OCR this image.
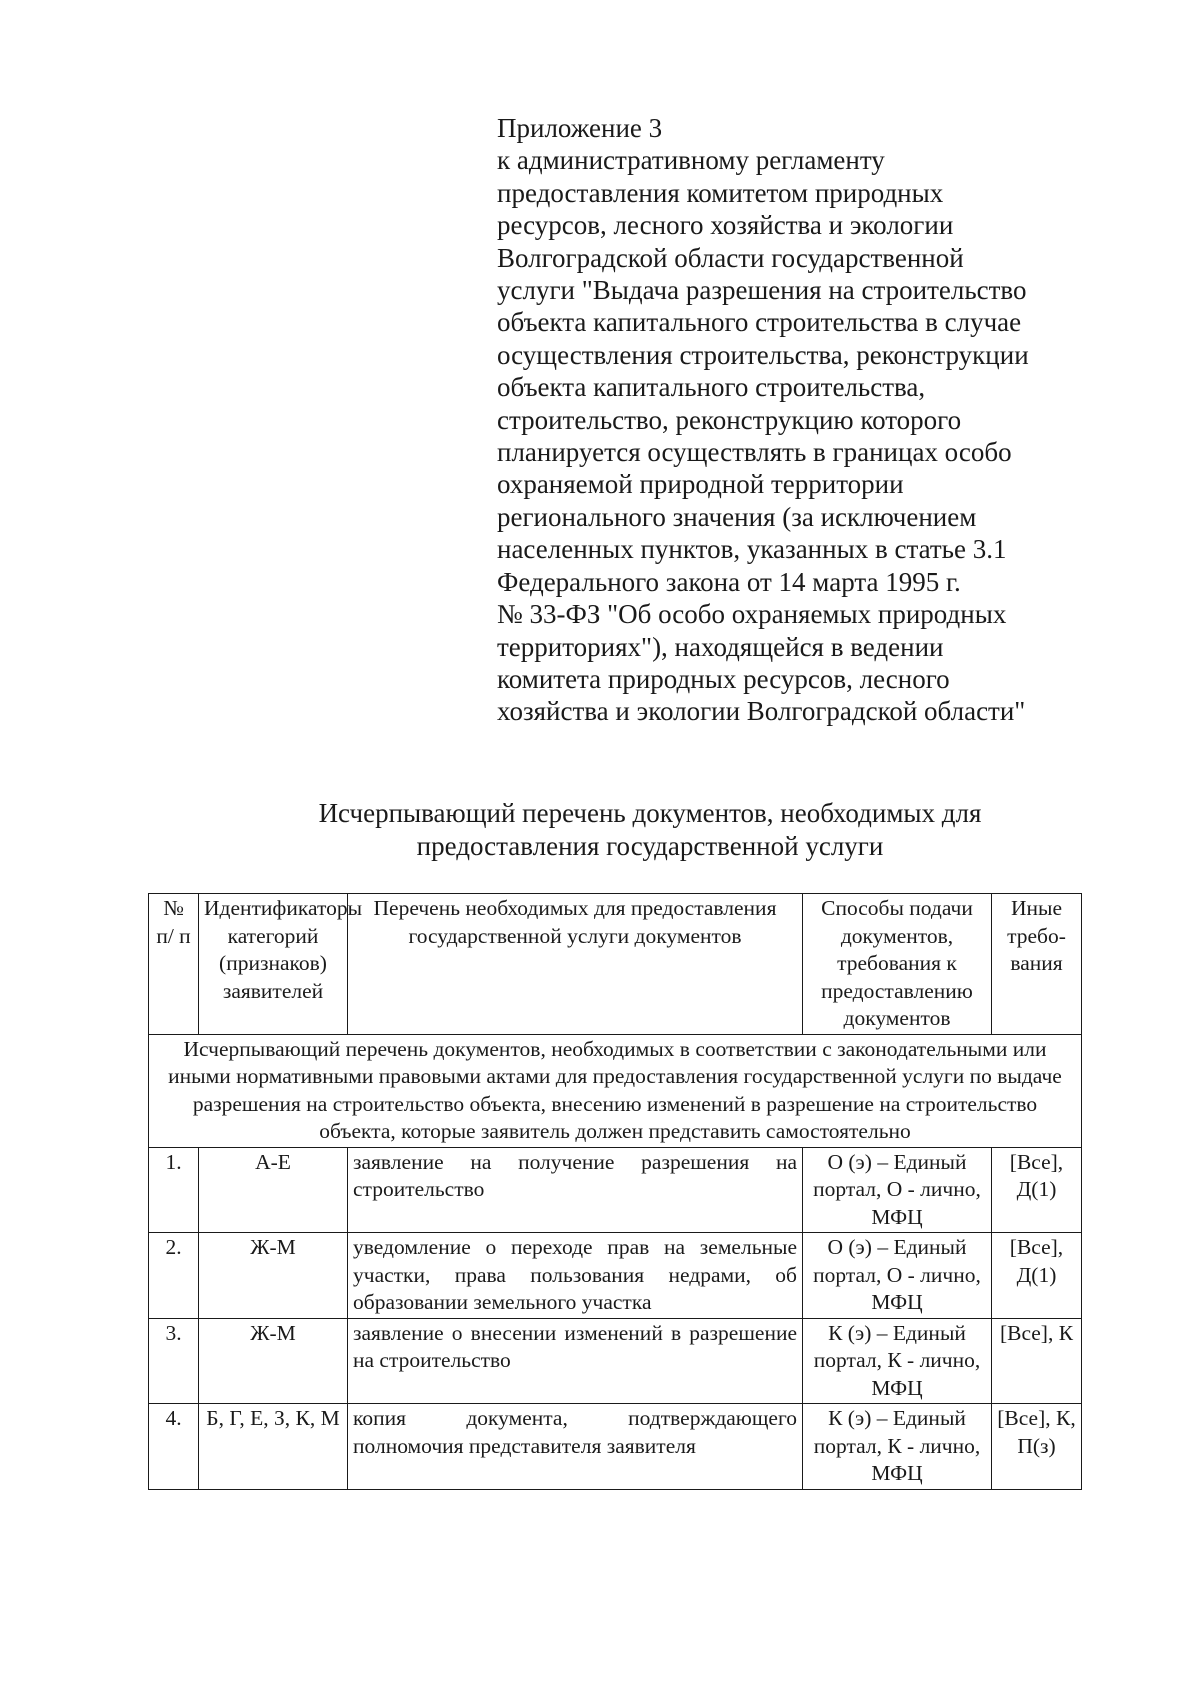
Приложение 3
к административному регламенту
предоставления комитетом природных
ресурсов, лесного хозяйства и экологии
Волгоградской области государственной
услуги "Выдача разрешения на строительство
объекта капитального строительства в случае
осуществления строительства, реконструкции
объекта капитального строительства,
строительство, реконструкцию которого
планируется осуществлять в границах особо
охраняемой природной территории
регионального значения (за исключением
населенных пунктов, указанных в статье 3.1
Федерального закона от 14 марта 1995 г.
№ 33-ФЗ "Об особо охраняемых природных
территориях"), находящейся в ведении
комитета природных ресурсов, лесного
хозяйства и экологии Волгоградской области"
Исчерпывающий перечень документов, необходимых для
предоставления государственной услуги
№ п/ п	Идентификаторы категорий (признаков) заявителей	Перечень необходимых для предоставления государственной услуги документов	Способы подачи документов, требования к предоставлению документов	Иные требо-вания
Исчерпывающий перечень документов, необходимых в соответствии с законодательными или иными нормативными правовыми актами для предоставления государственной услуги по выдаче разрешения на строительство объекта, внесению изменений в разрешение на строительство объекта, которые заявитель должен представить самостоятельно				
1.	А-Е	заявление на получение разрешения на строительство	О (э) – Единый портал, О - лично, МФЦ	[Все], Д(1)
2.	Ж-М	уведомление о переходе прав на земельные участки, права пользования недрами, об образовании земельного участка	О (э) – Единый портал, О - лично, МФЦ	[Все], Д(1)
3.	Ж-М	заявление о внесении изменений в разрешение на строительство	К (э) – Единый портал, К - лично, МФЦ	[Все], К
4.	Б, Г, Е, З, К, М	копия документа, подтверждающего полномочия представителя заявителя	К (э) – Единый портал, К - лично, МФЦ	[Все], К, П(з)
